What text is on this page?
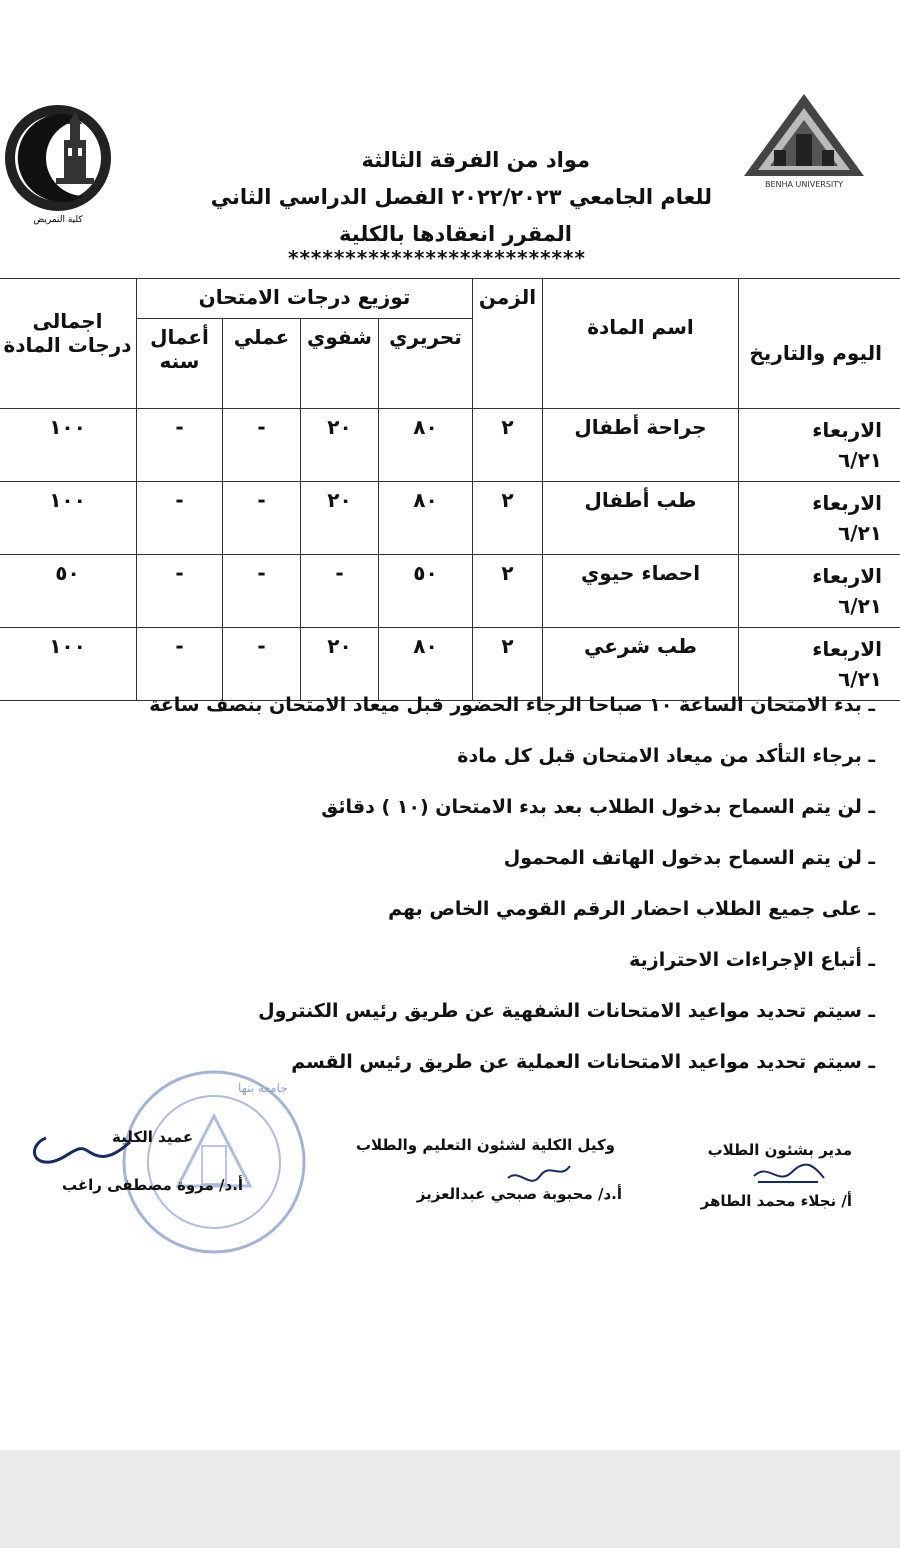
كلية التمريض
BENHA UNIVERSITY
مواد من الفرقة الثالثة
للعام الجامعي ٢٠٢٢/٢٠٢٣ الفصل الدراسي الثاني
المقرر انعقادها بالكلية
**************************
اليوم والتاريخ	اسم المادة	الزمن	توزيع درجات الامتحان				اجمالى درجات المادة
			تحريري	شفوي	عملي	أعمال سنه	
الاربعاء
٦/٢١	جراحة أطفال	٢	٨٠	٢٠	-	-	١٠٠
الاربعاء
٦/٢١	طب أطفال	٢	٨٠	٢٠	-	-	١٠٠
الاربعاء
٦/٢١	احصاء حيوي	٢	٥٠	-	-	-	٥٠
الاربعاء
٦/٢١	طب شرعي	٢	٨٠	٢٠	-	-	١٠٠
ـ بدء الامتحان الساعة ١٠ صباحا الرجاء الحضور قبل ميعاد الامتحان بنصف ساعة
ـ برجاء التأكد من ميعاد الامتحان قبل كل مادة
ـ لن يتم السماح بدخول الطلاب بعد بدء الامتحان (١٠ ) دقائق
ـ لن يتم السماح بدخول الهاتف المحمول
ـ على جميع الطلاب احضار الرقم القومي الخاص بهم
ـ أتباع الإجراءات الاحترازية
ـ سيتم تحديد مواعيد الامتحانات الشفهية عن طريق رئيس الكنترول
ـ سيتم تحديد مواعيد الامتحانات العملية عن طريق رئيس القسم
جامعة بنها
مدير بشئون الطلاب
أ/ نجلاء محمد الطاهر
وكيل الكلية لشئون التعليم والطلاب
أ.د/ محبوبة صبحي عبدالعزيز
عميد الكلية
أ.د/ مروة مصطفى راغب
